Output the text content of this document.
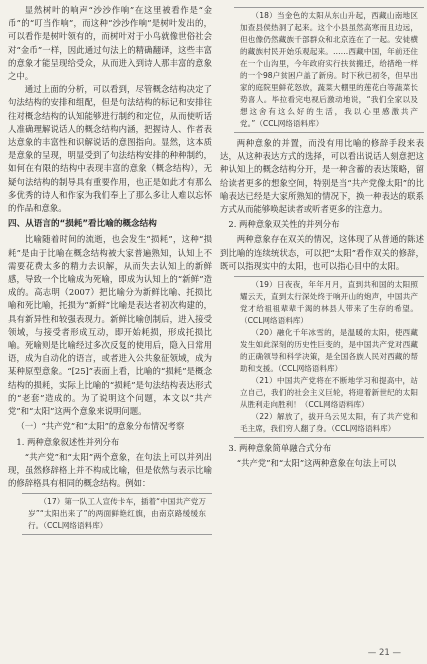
显然树叶的响声“沙沙作响”在这里被看作是“金币”的“叮当作响”，而这种“沙沙作响”是树叶发出的，可以看作是树叶领有的，而树叶对于小鸟就像世俗社会对“金币”一样，因此通过句法上的精确翻译，这些丰富的意象才能呈现给受众，从而进入到诗人那丰富的意象之中。

通过上面的分析，可以看到，尽管概念结构决定了句法结构的安排和组配，但是句法结构的标记和安排往往对概念结构的认知能够进行制约和定位，从而使听话人准确理解说话人的概念结构内涵，把握诗人、作者表达意象的丰富性和识解说话的意图指向。显然，这本质是意象的呈现，明显受到了句法结构安排的种种制约，如何在有限的结构中表现丰富的意象（概念结构），无疑句法结构的制导具有重要作用，也正是如此才有那么多优秀的诗人和作家为我们奉上了那么多让人难以忘怀的作品和意象。

四、从语言的“损耗”看比喻的概念结构

比喻随着时间的流逝，也会发生“损耗”，这种“损耗”是由于比喻在概念结构被大家普遍熟知，认知上不需要花费太多的精力去识解，从而失去认知上的新鲜感，导致一个比喻成为死喻，即成为认知上的“新鲜”造成的。高志明（2007）把比喻分为新鲜比喻、托损比喻和死比喻，托损为“新鲜”比喻是表达者初次构建的，具有新异性和较强表现力。新鲜比喻创制后，进入接受领域，与接受者形成互动，即开始耗损，形成托损比喻。死喻则是比喻经过多次反复的使用后，隐入日常用语，成为自动化的语言，或者进入公共象征领域，成为某种原型意象。“[25]”表面上看，比喻的“损耗”是概念结构的损耗，实际上比喻的“损耗”是句法结构表达形式的“老套”造成的。为了说明这个问题，本文以“共产党”和“太阳”这两个意象来说明问题。

（一）“共产党”和“太阳”的意象分布情况考察
1. 两种意象叙述性并列分布

“共产党”和“太阳”两个意象，在句法上可以并列出现，虽然修辞格上并不构成比喻，但是依然与表示比喻的修辞格具有相同的概念结构。例如：

（17）第一队工人宣传卡车，插着“中国共产党万岁”“太阳出来了”的两面鲜艳红旗，由南京路缓缓东行。（CCL网络语料库）

（18）当金色的太阳从东山升起，西藏山南地区加查县侯热洞了起来。这个小县虽然高寒而且边远，但也像仍然藏族千部群众和北京连在了一起。安徒横的藏族村民开始乐观起来。……西藏中国，年前还住在一个山沟里，今年政府实行扶贫搬迁，给措绝一样的一个98户贫困户盖了新房。时下秋已初冬，但早出家的庭院里鲜花怒放，蔬菜大棚里的莲花白等蔬菜长势喜人。毕拉看完电视后激动地说，“我们全家以及想这舍有这么好的生活，我以心里感激共产党。”（CCL网络语料库）

两种意象的并置，而没有用比喻的修辞手段来表达，从这种表达方式的选择，可以看出说话人刻意把这种认知上的概念结构分开，是一种含蓄的表达策略，留给读者更多的想象空间，特别是当“共产党像太阳”的比喻表达已经是大家所熟知的情况下，换一种表达的联系方式从而能够唤起读者或听者更多的注意力。

2. 两种意象双关性的并列分布

两种意象存在双关的情况，这体现了从普通的陈述到比喻的连续统状态，可以把“太阳”看作双关的修辞，既可以指现实中的太阳，也可以指心目中的太阳。

（19）日夜夜，年年月月，直到共和国的太阳照耀云天，直到太行深处终于响开山的炮声，中国共产党才给祖祖辈辈千渴的林县人带来了生存的希望。（CCL网络语料库）

（20）融化千年冰雪的，是温暖的太阳，使西藏发生如此深刻的历史性巨变的，是中国共产党对西藏的正确领导和科学决策，是全国各族人民对西藏的帮助和支援。（CCL网络语料库）

（21）中国共产党将在不断地学习和提高中，站立自己，我们的社会主义巨轮，将迎着新世纪的太阳从胜利走向胜利！（CCL网络语料库）

（22）解放了，拔开乌云见太阳，有了共产党和毛主席，我们穷人翻了身。（CCL网络语料库）

3. 两种意象简单融合式分布

“共产党”和“太阳”这两种意象在句法上可以

— 21 —
